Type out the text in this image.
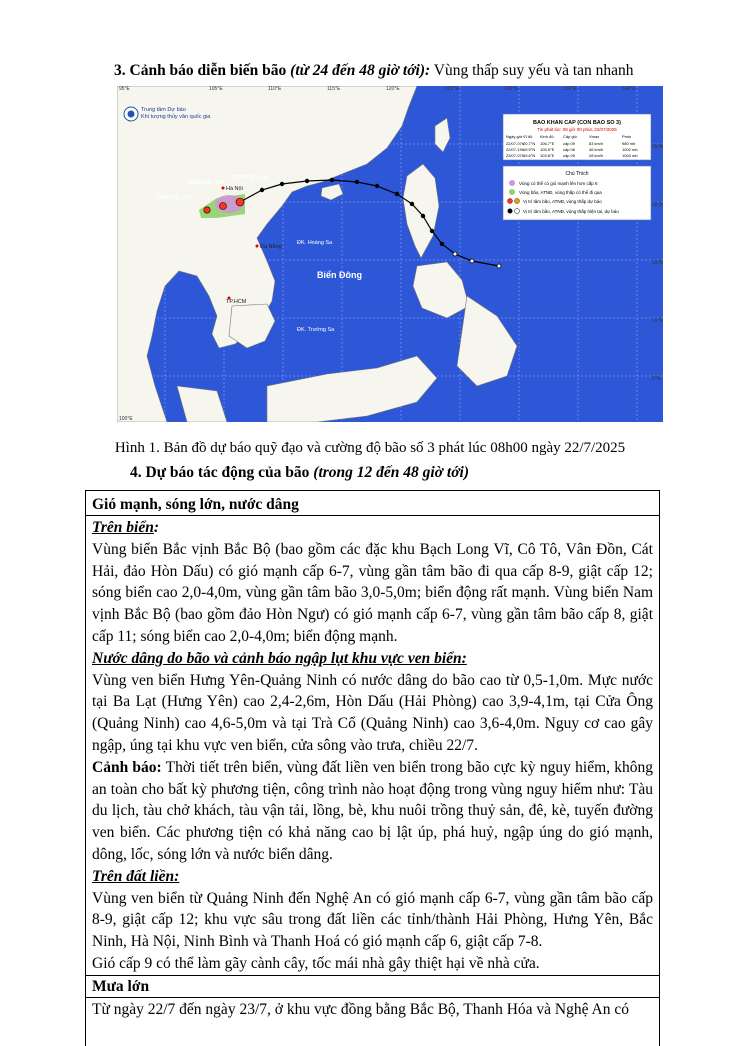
3. Cảnh báo diễn biến bão (từ 24 đến 48 giờ tới): Vùng thấp suy yếu và tan nhanh
95°E	105°E	110°E	115°E	120°E	125°E	130°E	135°E	140°E
100°E
25°N
20°N
15°N
10°N
5°N
Trung tâm Dự báo
Khí tượng thủy văn quốc gia
22/07/25 - 07h
22/07/25 - 19h
23/07/25 - 07h
Hà Nội
Đà Nẵng
ĐK. Hoàng Sa
TP.HCM
ĐK. Trường Sa
Biển Đông
BAO KHAN CAP (CON BAO SO 3)
Tin phát lúc: 08 giờ 00 phút, 22/07/2025
Ngày-giờ Vĩ độ Kinh độ Cấp gió	Vmax	Pmin
22/07-07h
20.7°N 106.7°E cấp 09	83 km/h	980 mb
22/07-19h
19.9°N 105.5°E cấp 06	46 km/h	1002 mb
23/07-07h
19.6°N 103.8°E cấp 05	28 km/h	1004 mb
Chú Thích
Vùng có thể có gió mạnh lên hơn cấp 6
Vùng bão, ATNĐ, vùng thấp có thể đi qua
Vị trí tâm bão, ATNĐ, vùng thấp dự báo
Vị trí tâm bão, ATNĐ, vùng thấp hiện tại, dự báo
Hình 1. Bản đồ dự báo quỹ đạo và cường độ bão số 3 phát lúc 08h00 ngày 22/7/2025
4. Dự báo tác động của bão (trong 12 đến 48 giờ tới)
Gió mạnh, sóng lớn, nước dâng

Trên biển:

Vùng biển Bắc vịnh Bắc Bộ (bao gồm các đặc khu Bạch Long Vĩ, Cô Tô, Vân Đồn, Cát Hải, đảo Hòn Dấu) có gió mạnh cấp 6-7, vùng gần tâm bão đi qua cấp 8-9, giật cấp 12; sóng biển cao 2,0-4,0m, vùng gần tâm bão 3,0-5,0m; biển động rất mạnh. Vùng biển Nam vịnh Bắc Bộ (bao gồm đảo Hòn Ngư) có gió mạnh cấp 6-7, vùng gần tâm bão cấp 8, giật cấp 11; sóng biển cao 2,0-4,0m; biển động mạnh.

Nước dâng do bão và cảnh báo ngập lụt khu vực ven biển:

Vùng ven biển Hưng Yên-Quảng Ninh có nước dâng do bão cao từ 0,5-1,0m. Mực nước tại Ba Lạt (Hưng Yên) cao 2,4-2,6m, Hòn Dấu (Hải Phòng) cao 3,9-4,1m, tại Cửa Ông (Quảng Ninh) cao 4,6-5,0m và tại Trà Cổ (Quảng Ninh) cao 3,6-4,0m. Nguy cơ cao gây ngập, úng tại khu vực ven biển, cửa sông vào trưa, chiều 22/7.

Cảnh báo: Thời tiết trên biển, vùng đất liền ven biển trong bão cực kỳ nguy hiểm, không an toàn cho bất kỳ phương tiện, công trình nào hoạt động trong vùng nguy hiểm như: Tàu du lịch, tàu chở khách, tàu vận tải, lồng, bè, khu nuôi trồng thuỷ sản, đê, kè, tuyến đường ven biển. Các phương tiện có khả năng cao bị lật úp, phá huỷ, ngập úng do gió mạnh, dông, lốc, sóng lớn và nước biển dâng.

Trên đất liền:

Vùng ven biển từ Quảng Ninh đến Nghệ An có gió mạnh cấp 6-7, vùng gần tâm bão cấp 8-9, giật cấp 12; khu vực sâu trong đất liền các tỉnh/thành Hải Phòng, Hưng Yên, Bắc Ninh, Hà Nội, Ninh Bình và Thanh Hoá có gió mạnh cấp 6, giật cấp 7-8.

Gió cấp 9 có thể làm gãy cành cây, tốc mái nhà gây thiệt hại về nhà cửa.

Mưa lớn

Từ ngày 22/7 đến ngày 23/7, ở khu vực đồng bằng Bắc Bộ, Thanh Hóa và Nghệ An có
